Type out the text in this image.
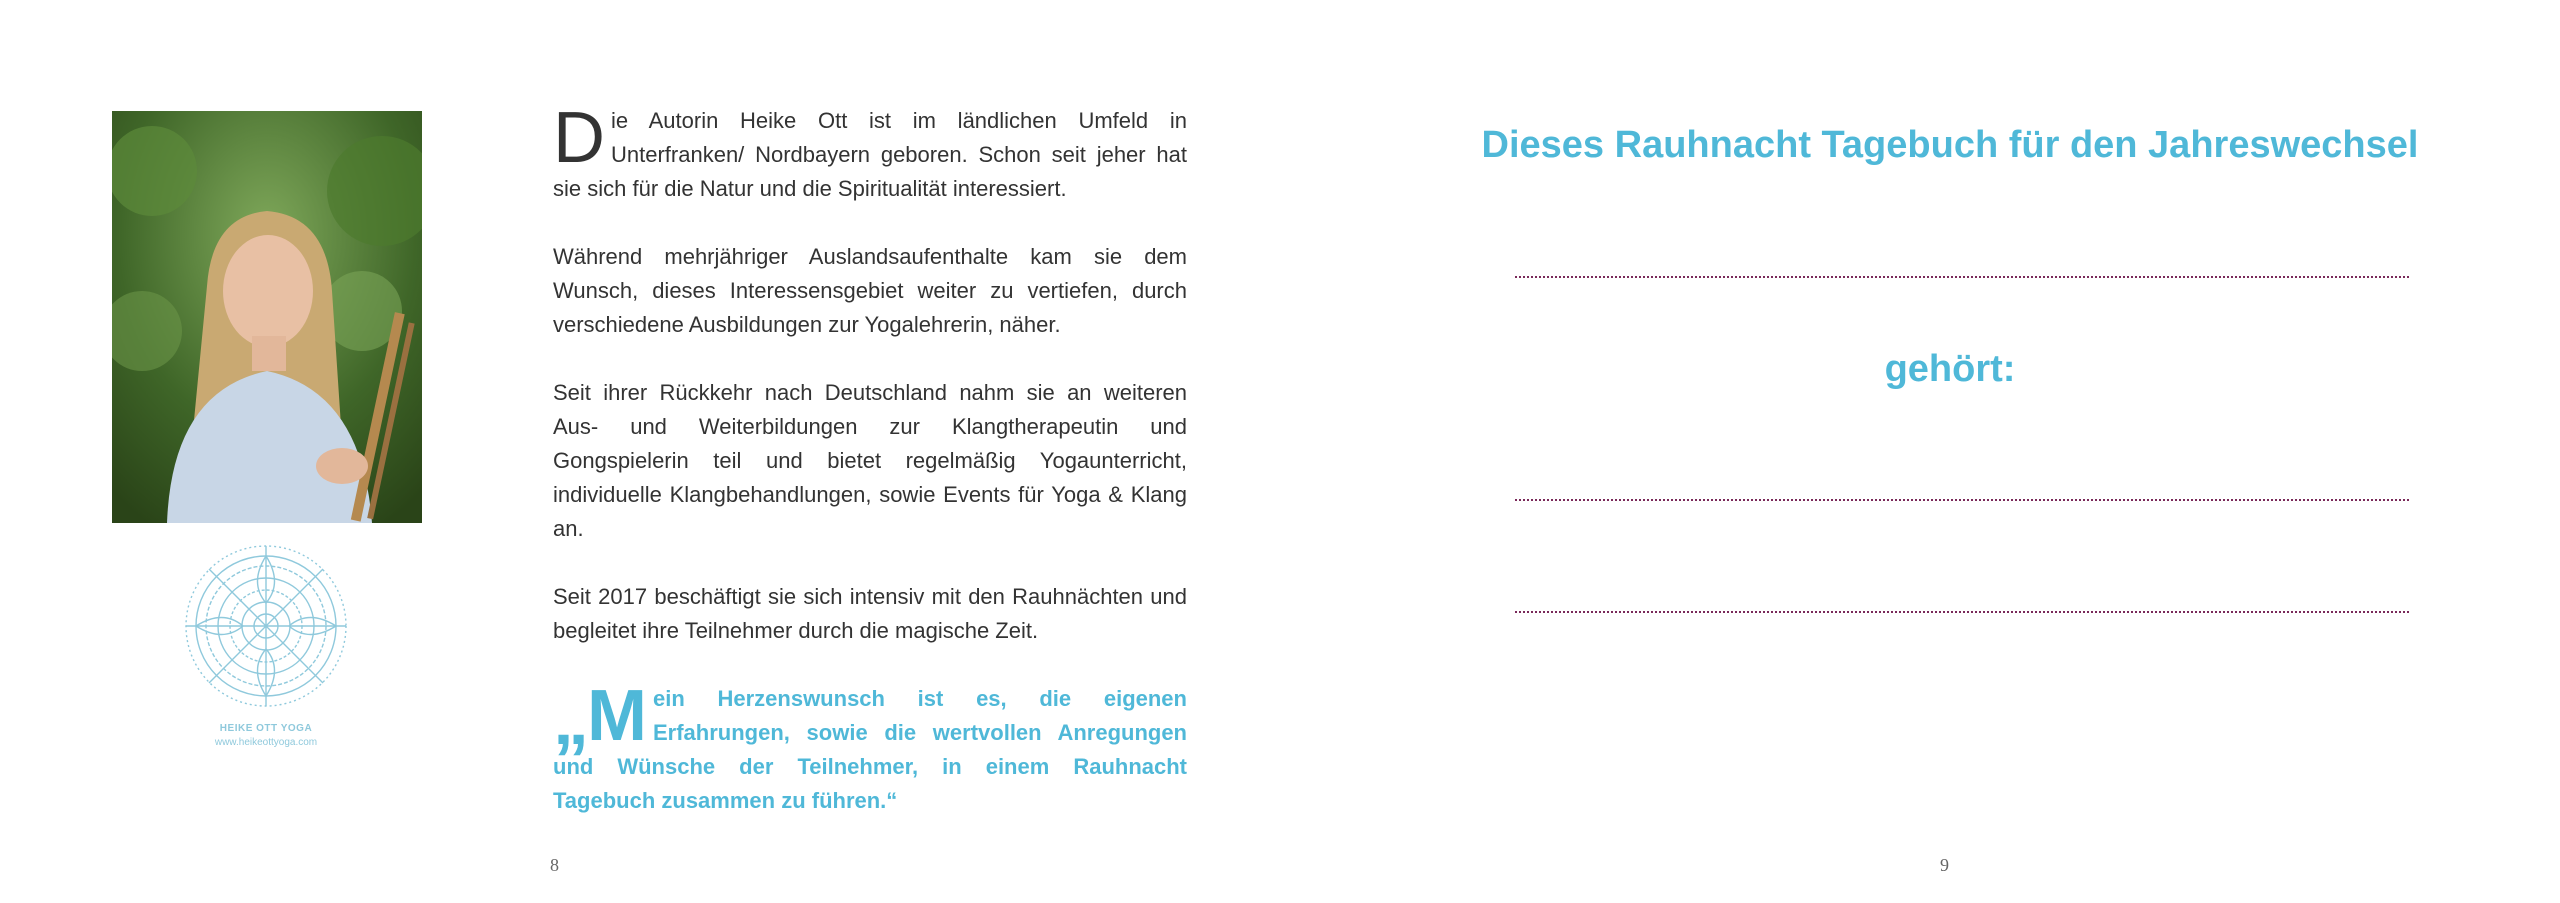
HEIKE OTT YOGA
www.heikeottyoga.com

Die Autorin Heike Ott ist im ländlichen Umfeld in Unterfranken/ Nordbayern geboren. Schon seit jeher hat sie sich für die Natur und die Spiritualität interessiert.

Während mehrjähriger Auslandsaufenthalte kam sie dem Wunsch, dieses Interessensgebiet weiter zu vertiefen, durch verschiedene Ausbildungen zur Yogalehrerin, näher.

Seit ihrer Rückkehr nach Deutschland nahm sie an weiteren Aus- und Weiterbildungen zur Klangtherapeutin und Gongspielerin teil und bietet regelmäßig Yogaunterricht, individuelle Klangbehandlungen, sowie Events für Yoga & Klang an.

Seit 2017 beschäftigt sie sich intensiv mit den Rauhnächten und begleitet ihre Teilnehmer durch die magische Zeit.

„
M ein Herzenswunsch ist es, die eigenen Erfahrungen, sowie die wertvollen Anregungen und Wünsche der Teilnehmer, in einem Rauhnacht Tagebuch zusammen zu führen.“

8
Dieses Rauhnacht Tagebuch für den Jahreswechsel
gehört:
9
